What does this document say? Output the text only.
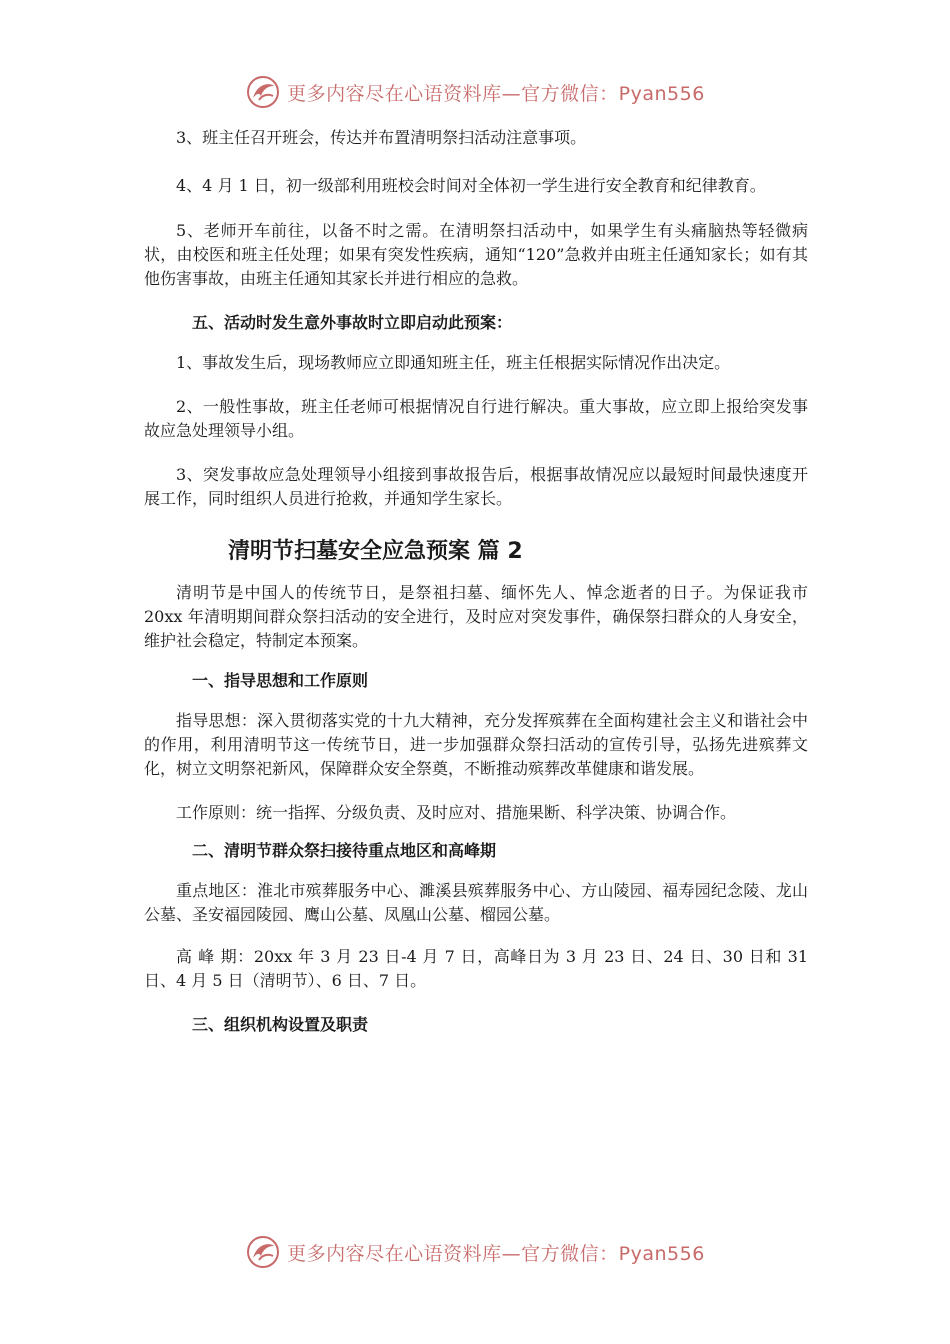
更多内容尽在心语资料库—官方微信：Pyan556

3、班主任召开班会，传达并布置清明祭扫活动注意事项。

4、4 月 1 日，初一级部利用班校会时间对全体初一学生进行安全教育和纪律教育。

5、老师开车前往，以备不时之需。在清明祭扫活动中，如果学生有头痛脑热等轻微病状，由校医和班主任处理；如果有突发性疾病，通知“120”急救并由班主任通知家长；如有其他伤害事故，由班主任通知其家长并进行相应的急救。

五、活动时发生意外事故时立即启动此预案：

1、事故发生后，现场教师应立即通知班主任，班主任根据实际情况作出决定。

2、一般性事故，班主任老师可根据情况自行进行解决。重大事故，应立即上报给突发事故应急处理领导小组。

3、突发事故应急处理领导小组接到事故报告后，根据事故情况应以最短时间最快速度开展工作，同时组织人员进行抢救，并通知学生家长。

清明节扫墓安全应急预案 篇 2

清明节是中国人的传统节日，是祭祖扫墓、缅怀先人、悼念逝者的日子。为保证我市 20xx 年清明期间群众祭扫活动的安全进行，及时应对突发事件，确保祭扫群众的人身安全，维护社会稳定，特制定本预案。

一、指导思想和工作原则

指导思想：深入贯彻落实党的十九大精神，充分发挥殡葬在全面构建社会主义和谐社会中的作用，利用清明节这一传统节日，进一步加强群众祭扫活动的宣传引导，弘扬先进殡葬文化，树立文明祭祀新风，保障群众安全祭奠，不断推动殡葬改革健康和谐发展。

工作原则：统一指挥、分级负责、及时应对、措施果断、科学决策、协调合作。

二、清明节群众祭扫接待重点地区和高峰期

重点地区：淮北市殡葬服务中心、濉溪县殡葬服务中心、方山陵园、福寿园纪念陵、龙山公墓、圣安福园陵园、鹰山公墓、凤凰山公墓、榴园公墓。

高 峰 期：20xx 年 3 月 23 日-4 月 7 日，高峰日为 3 月 23 日、24 日、30 日和 31 日、4 月 5 日（清明节）、6 日、7 日。

三、组织机构设置及职责
更多内容尽在心语资料库—官方微信：Pyan556
